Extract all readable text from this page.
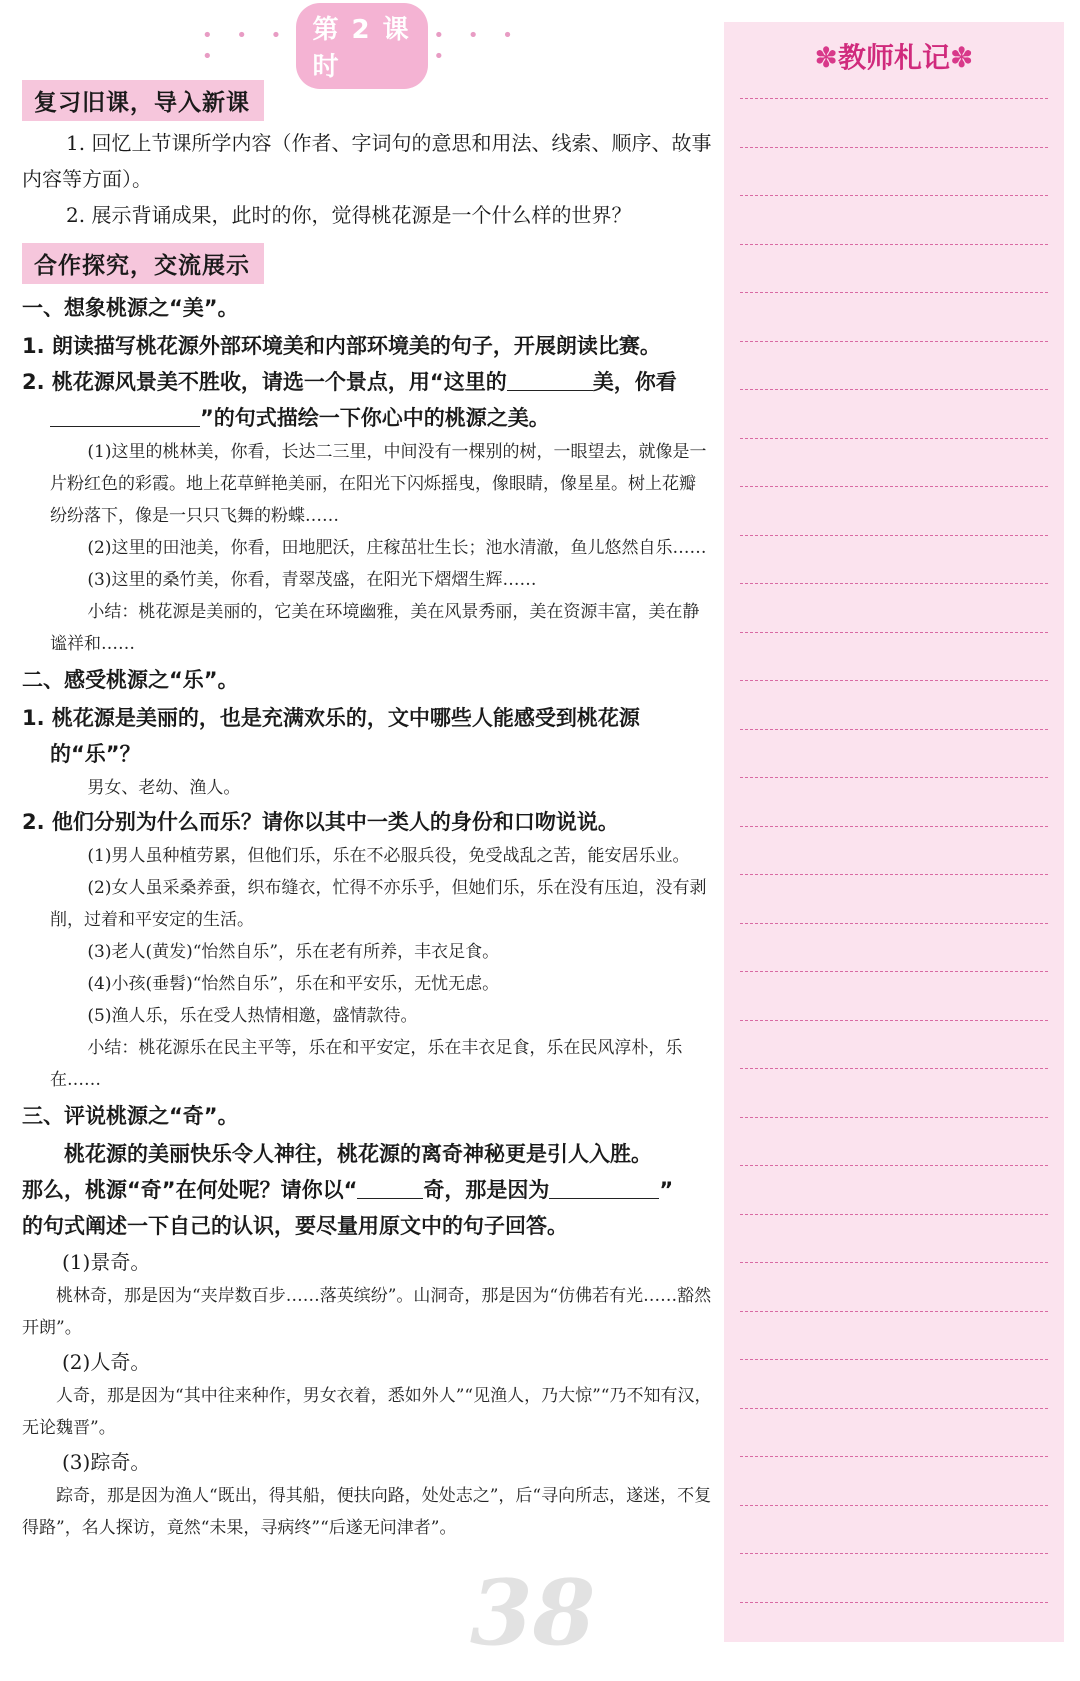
• • • •
第 2 课 时
• • • •
复习旧课，导入新课

1. 回忆上节课所学内容（作者、字词句的意思和用法、线索、顺序、故事内容等方面）。

2. 展示背诵成果，此时的你，觉得桃花源是一个什么样的世界？

合作探究，交流展示

一、想象桃源之“美”。

1. 朗读描写桃花源外部环境美和内部环境美的句子，开展朗读比赛。

2. 桃花源风景美不胜收，请选一个景点，用“这里的	美，你看
”的句式描绘一下你心中的桃源之美。

(1)这里的桃林美，你看，长达二三里，中间没有一棵别的树，一眼望去，就像是一片粉红色的彩霞。地上花草鲜艳美丽，在阳光下闪烁摇曳，像眼睛，像星星。树上花瓣纷纷落下，像是一只只飞舞的粉蝶……

(2)这里的田池美，你看，田地肥沃，庄稼茁壮生长；池水清澈，鱼儿悠然自乐……

(3)这里的桑竹美，你看，青翠茂盛，在阳光下熠熠生辉……

小结：桃花源是美丽的，它美在环境幽雅，美在风景秀丽，美在资源丰富，美在静谧祥和……

二、感受桃源之“乐”。

1. 桃花源是美丽的，也是充满欢乐的，文中哪些人能感受到桃花源的“乐”？

男女、老幼、渔人。

2. 他们分别为什么而乐？请你以其中一类人的身份和口吻说说。

(1)男人虽种植劳累，但他们乐，乐在不必服兵役，免受战乱之苦，能安居乐业。

(2)女人虽采桑养蚕，织布缝衣，忙得不亦乐乎，但她们乐，乐在没有压迫，没有剥削，过着和平安定的生活。

(3)老人(黄发)“怡然自乐”，乐在老有所养，丰衣足食。

(4)小孩(垂髫)“怡然自乐”，乐在和平安乐，无忧无虑。

(5)渔人乐，乐在受人热情相邀，盛情款待。

小结：桃花源乐在民主平等，乐在和平安定，乐在丰衣足食，乐在民风淳朴，乐在……

三、评说桃源之“奇”。

桃花源的美丽快乐令人神往，桃花源的离奇神秘更是引人入胜。

那么，桃源“奇”在何处呢？请你以“	奇，那是因为	”

的句式阐述一下自己的认识，要尽量用原文中的句子回答。

(1)景奇。

桃林奇，那是因为“夹岸数百步……落英缤纷”。山洞奇，那是因为“仿佛若有光……豁然开朗”。

(2)人奇。

人奇，那是因为“其中往来种作，男女衣着，悉如外人”“见渔人，乃大惊”“乃不知有汉，无论魏晋”。

(3)踪奇。

踪奇，那是因为渔人“既出，得其船，便扶向路，处处志之”，后“寻向所志，遂迷，不复得路”，名人探访，竟然“未果，寻病终”“后遂无问津者”。

38
✽教师札记✽
